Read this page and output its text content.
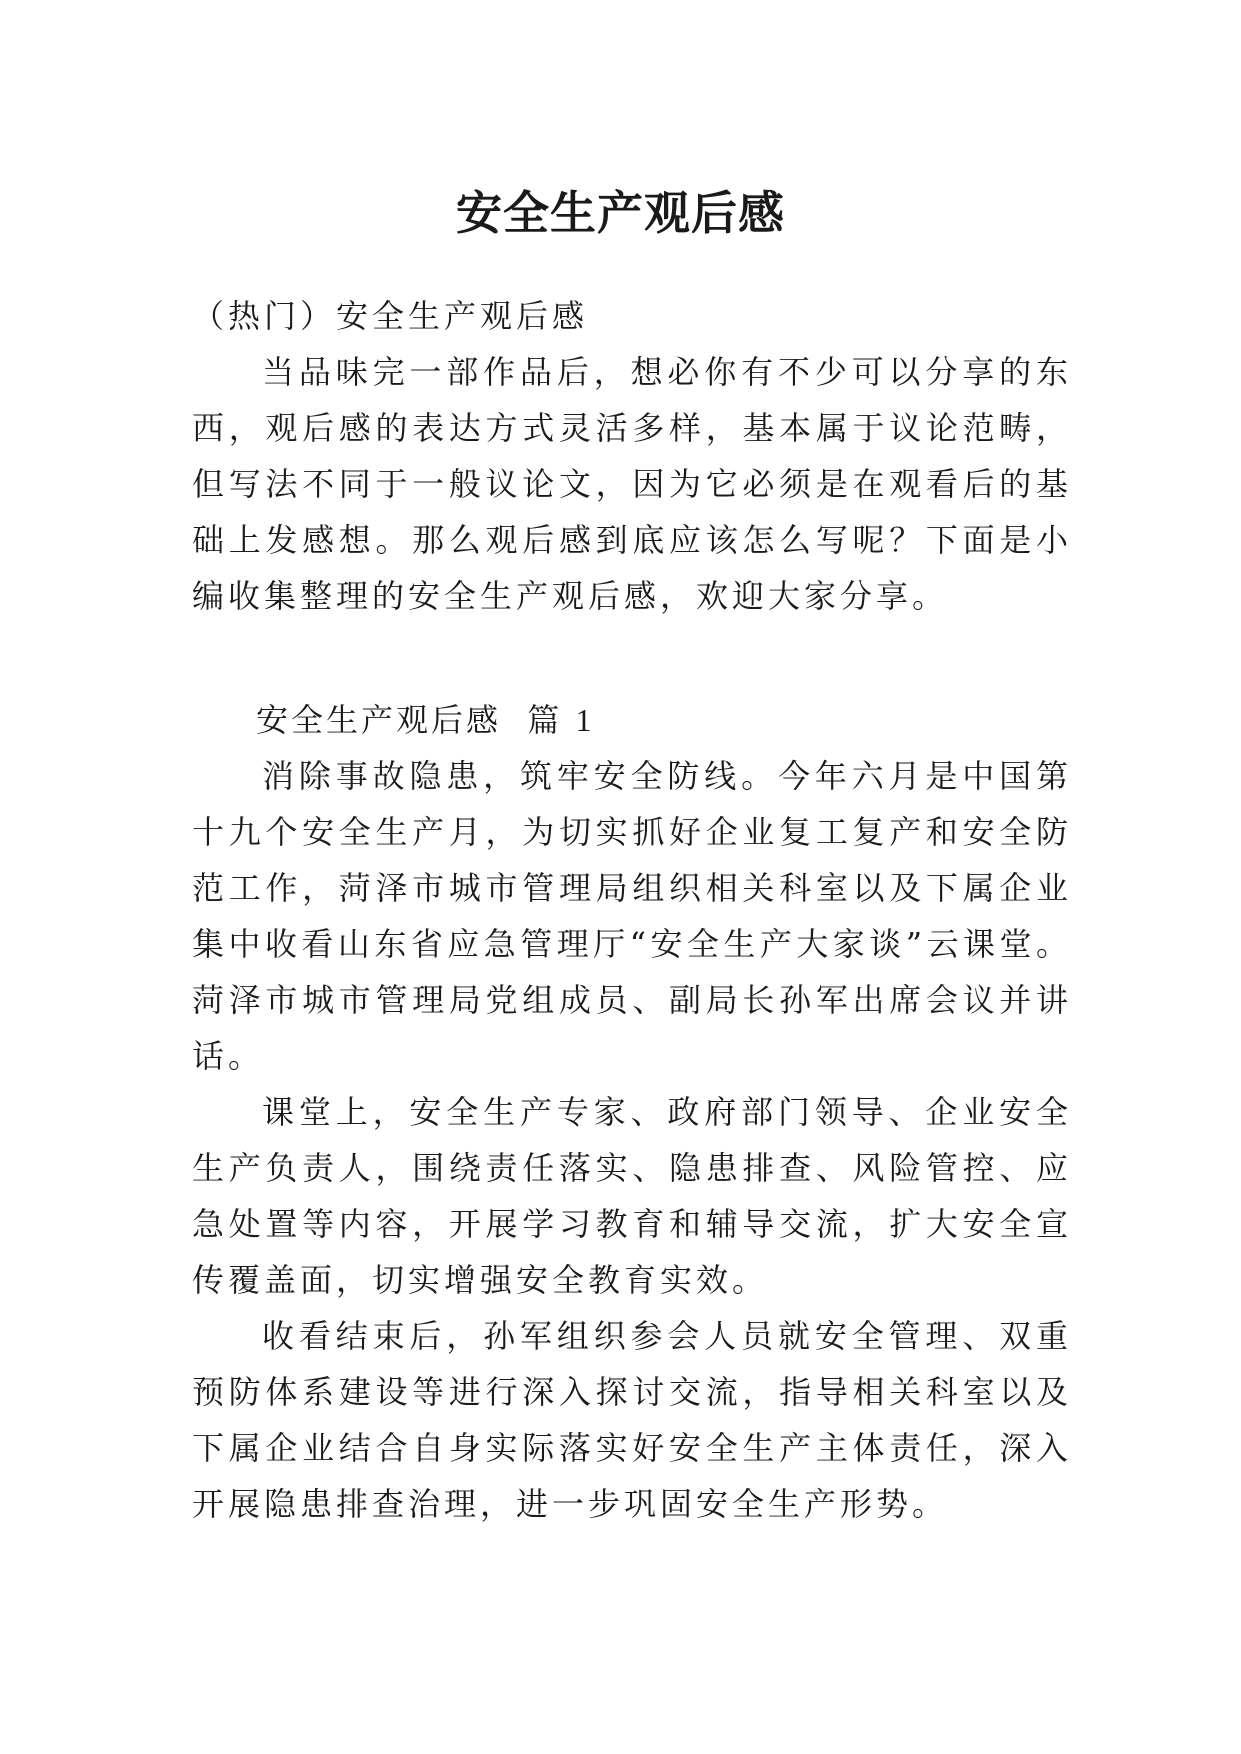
安全生产观后感

（热门）安全生产观后感

当品味完一部作品后，想必你有不少可以分享的东西，观后感的表达方式灵活多样，基本属于议论范畴，但写法不同于一般议论文，因为它必须是在观看后的基础上发感想。那么观后感到底应该怎么写呢？下面是小编收集整理的安全生产观后感，欢迎大家分享。

安全生产观后感 篇 1

消除事故隐患，筑牢安全防线。今年六月是中国第十九个安全生产月，为切实抓好企业复工复产和安全防范工作，菏泽市城市管理局组织相关科室以及下属企业集中收看山东省应急管理厅“安全生产大家谈”云课堂。菏泽市城市管理局党组成员、副局长孙军出席会议并讲话。

课堂上，安全生产专家、政府部门领导、企业安全生产负责人，围绕责任落实、隐患排查、风险管控、应急处置等内容，开展学习教育和辅导交流，扩大安全宣传覆盖面，切实增强安全教育实效。

收看结束后，孙军组织参会人员就安全管理、双重预防体系建设等进行深入探讨交流，指导相关科室以及下属企业结合自身实际落实好安全生产主体责任，深入开展隐患排查治理，进一步巩固安全生产形势。
